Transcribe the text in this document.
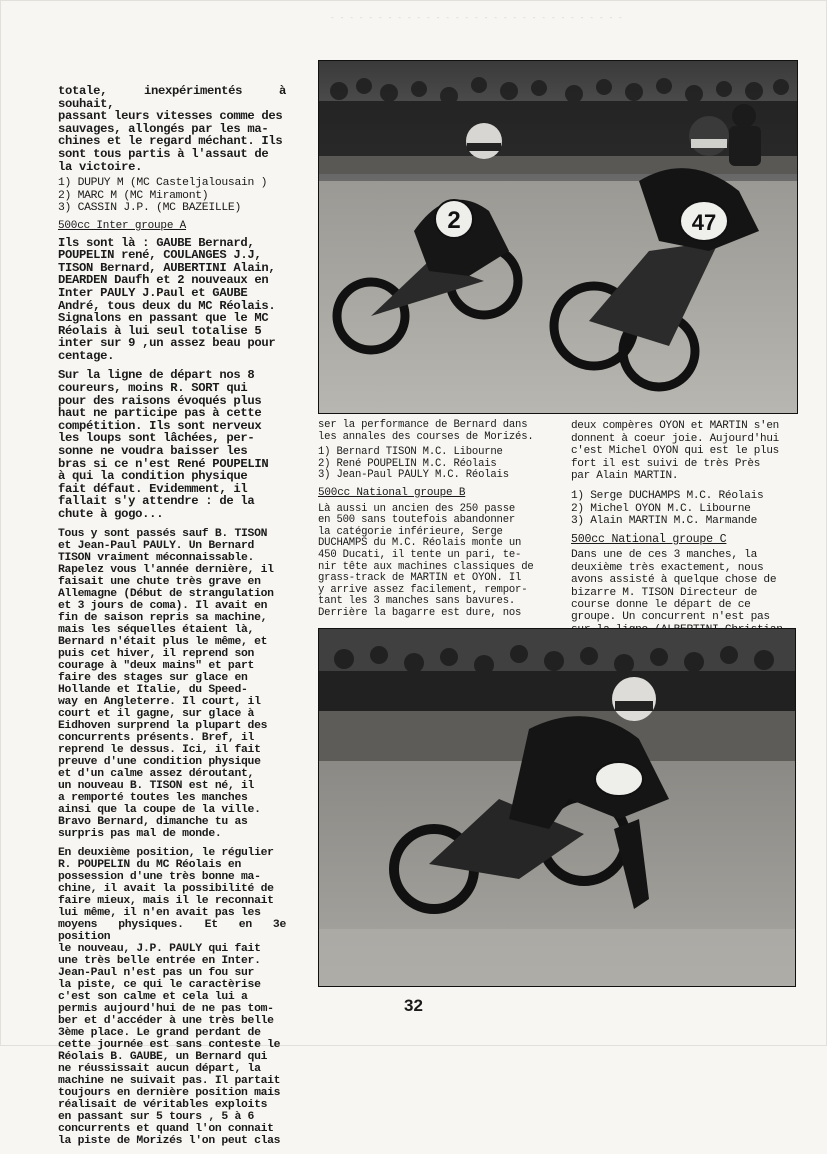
- - - - - - - - - - - - - - - - - - - - - - - - - - - - - - -

totale, inexpérimentés à souhait,
passant leurs vitesses comme des
sauvages, allongés par les ma-
chines et le regard méchant. Ils
sont tous partis à l'assaut de
la victoire.

1) DUPUY M (MC Casteljalousain )
2) MARC M (MC Miramont)
3) CASSIN J.P. (MC BAZEILLE)
500cc Inter groupe A

Ils sont là : GAUBE Bernard,
POUPELIN rené, COULANGES J.J,
TISON Bernard, AUBERTINI Alain,
DEARDEN Daufh et 2 nouveaux en
Inter PAULY J.Paul et GAUBE
André, tous deux du MC Réolais.
Signalons en passant que le MC
Réolais à lui seul totalise 5
inter sur 9 ,un assez beau pour
centage.

Sur la ligne de départ nos 8
coureurs, moins R. SORT qui
pour des raisons évoqués plus
haut ne participe pas à cette
compétition. Ils sont nerveux
les loups sont lâchées, per-
sonne ne voudra baisser les
bras si ce n'est René POUPELIN
à qui la condition physique
fait défaut. Evidemment, il
fallait s'y attendre : de la
chute à gogo...

Tous y sont passés sauf B. TISON
et Jean-Paul PAULY. Un Bernard
TISON vraiment méconnaissable.
Rapelez vous l'année dernière, il
faisait une chute très grave en
Allemagne (Début de strangulation
et 3 jours de coma). Il avait en
fin de saison repris sa machine,
mais les séquelles étaient là,
Bernard n'était plus le même, et
puis cet hiver, il reprend son
courage à "deux mains" et part
faire des stages sur glace en
Hollande et Italie, du Speed-
way en Angleterre. Il court, il
court et il gagne, sur glace à
Eidhoven surprend la plupart des
concurrents présents. Bref, il
reprend le dessus. Ici, il fait
preuve d'une condition physique
et d'un calme assez déroutant,
un nouveau B. TISON est né, il
a remporté toutes les manches
ainsi que la coupe de la ville.
Bravo Bernard, dimanche tu as
surpris pas mal de monde.

En deuxième position, le régulier
R. POUPELIN du MC Réolais en
possession d'une très bonne ma-
chine, il avait la possibilité de
faire mieux, mais il le reconnait
lui même, il n'en avait pas les
moyens physiques. Et en 3e position
le nouveau, J.P. PAULY qui fait
une très belle entrée en Inter.
Jean-Paul n'est pas un fou sur
la piste, ce qui le caractèrise
c'est son calme et cela lui a
permis aujourd'hui de ne pas tom-
ber et d'accéder à une très belle
3ème place. Le grand perdant de
cette journée est sans conteste le
Réolais B. GAUBE, un Bernard qui
ne réussissait aucun départ, la
machine ne suivait pas. Il partait
toujours en dernière position mais
réalisait de véritables exploits
en passant sur 5 tours , 5 à 6
concurrents et quand l'on connait
la piste de Morizés l'on peut clas

2	47

ser la performance de Bernard dans
les annales des courses de Morizés.

1) Bernard TISON M.C. Libourne
2) René POUPELIN M.C. Réolais
3) Jean-Paul PAULY M.C. Réolais
500cc National groupe B

Là aussi un ancien des 250 passe
en 500 sans toutefois abandonner
la catégorie inférieure, Serge
DUCHAMPS du M.C. Réolais monte un
450 Ducati, il tente un pari, te-
nir tête aux machines classiques de
grass-track de MARTIN et OYON. Il
y arrive assez facilement, rempor-
tant les 3 manches sans bavures.
Derrière la bagarre est dure, nos

deux compères OYON et MARTIN s'en
donnent à coeur joie. Aujourd'hui
c'est Michel OYON qui est le plus
fort il est suivi de très Près
par Alain MARTIN.

1) Serge DUCHAMPS M.C. Réolais
2) Michel OYON M.C. Libourne
3) Alain MARTIN M.C. Marmande
500cc National groupe C

Dans une de ces 3 manches, la
deuxième très exactement, nous
avons assisté à quelque chose de
bizarre M. TISON Directeur de
course donne le départ de ce
groupe. Un concurrent n'est pas

32
